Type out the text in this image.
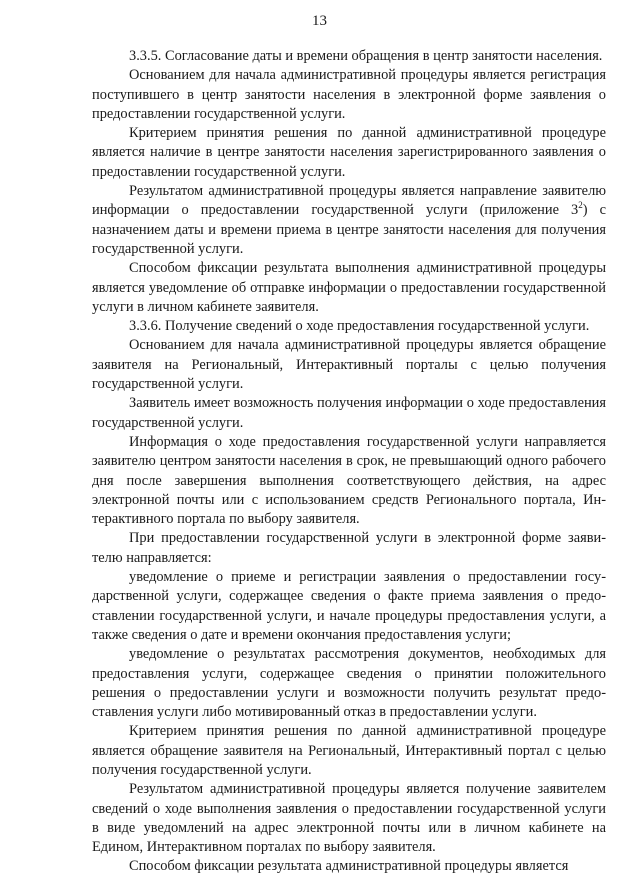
13

3.3.5. Согласование даты и времени обращения в центр занятости населения.

Основанием для начала административной процедуры является регистрация поступившего в центр занятости населения в электронной форме заявления о предоставлении государственной услуги.

Критерием принятия решения по данной административной процедуре является наличие в центре занятости населения зарегистрированного заявления о предоставлении государственной услуги.

Результатом административной процедуры является направление заявителю информации о предоставлении государственной услуги (приложение $3^2$) с назначением даты и времени приема в центре занятости населения для получения государственной услуги.

Способом фиксации результата выполнения административной процедуры является уведомление об отправке информации о предоставлении государственной услуги в личном кабинете заявителя.

3.3.6. Получение сведений о ходе предоставления государственной услуги.

Основанием для начала административной процедуры является обращение заявителя на Региональный, Интерактивный порталы с целью получения государственной услуги.

Заявитель имеет возможность получения информации о ходе предоставления государственной услуги.

Информация о ходе предоставления государственной услуги направляется заявителю центром занятости населения в срок, не превышающий одного рабочего дня после завершения выполнения соответствующего действия, на адрес электронной почты или с использованием средств Регионального портала, Интерактивного портала по выбору заявителя.

При предоставлении государственной услуги в электронной форме заявителю направляется:

уведомление о приеме и регистрации заявления о предоставлении государственной услуги, содержащее сведения о факте приема заявления о предоставлении государственной услуги, и начале процедуры предоставления услуги, а также сведения о дате и времени окончания предоставления услуги;

уведомление о результатах рассмотрения документов, необходимых для предоставления услуги, содержащее сведения о принятии положительного решения о предоставлении услуги и возможности получить результат предоставления услуги либо мотивированный отказ в предоставлении услуги.

Критерием принятия решения по данной административной процедуре является обращение заявителя на Региональный, Интерактивный портал с целью получения государственной услуги.

Результатом административной процедуры является получение заявителем сведений о ходе выполнения заявления о предоставлении государственной услуги в виде уведомлений на адрес электронной почты или в личном кабинете на Едином, Интерактивном порталах по выбору заявителя.

Способом фиксации результата административной процедуры является
